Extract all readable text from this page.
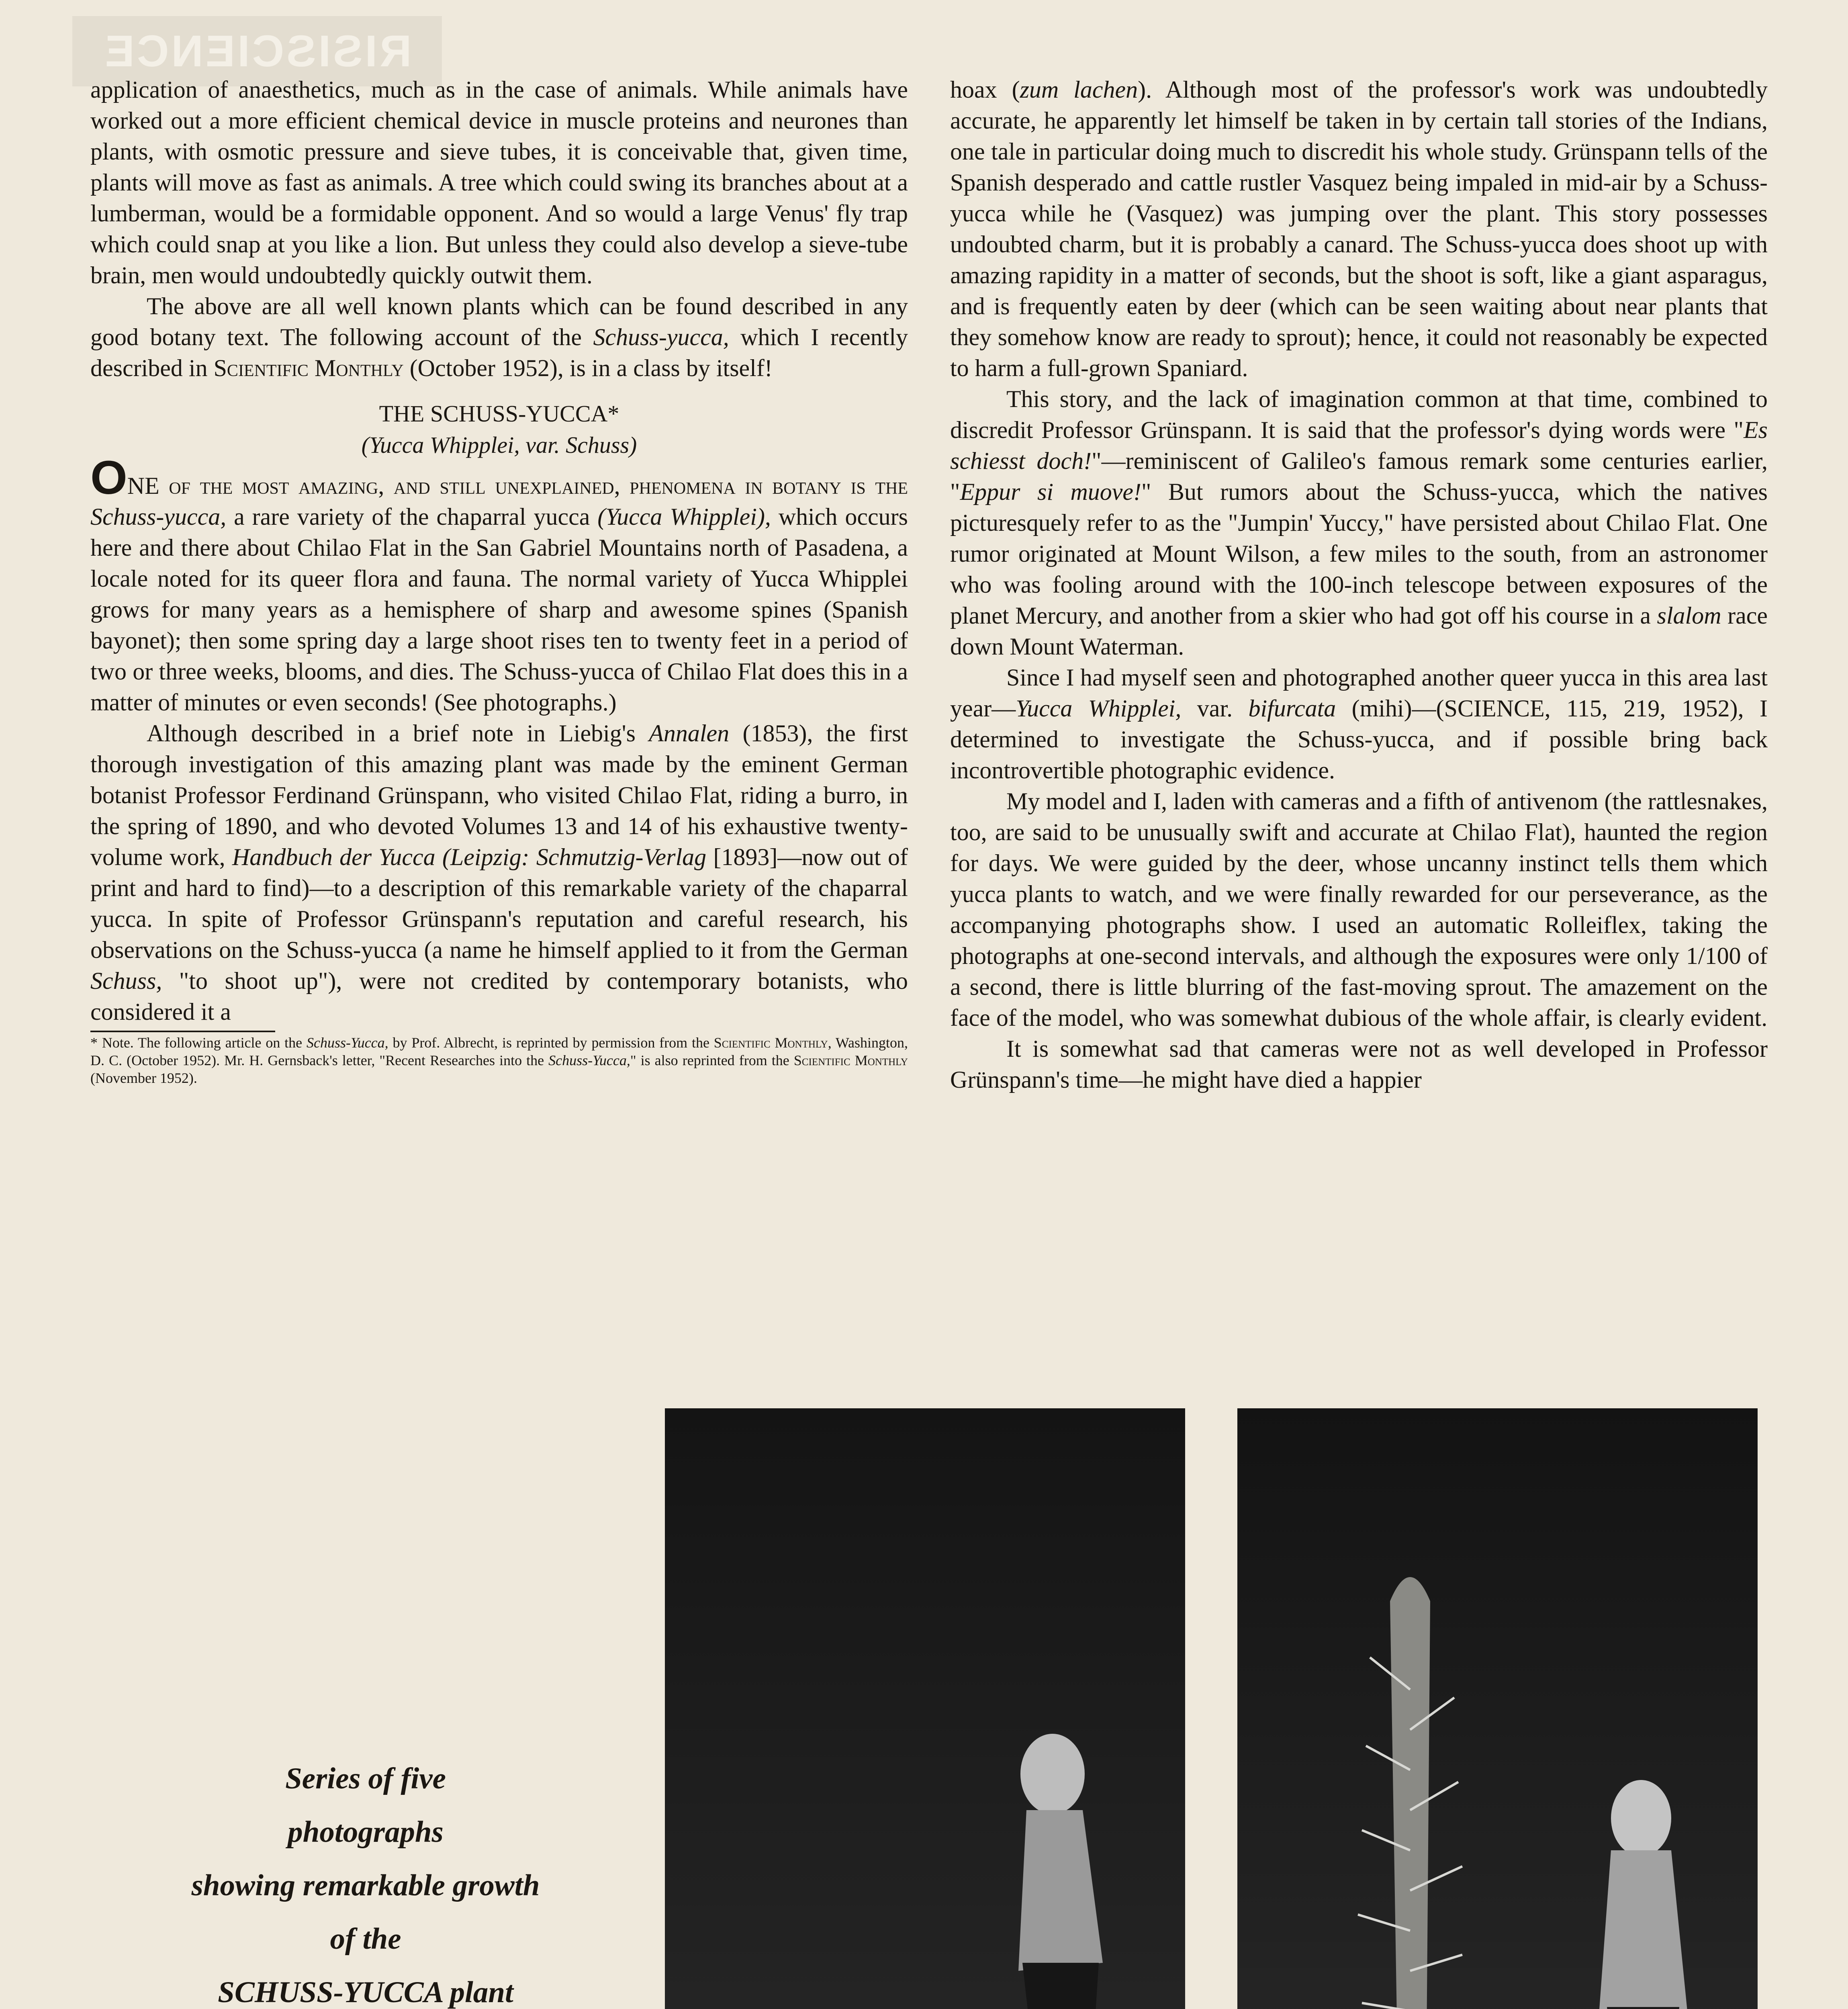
RISISCIENCE

application of anaesthetics, much as in the case of animals. While animals have worked out a more efficient chemical device in muscle proteins and neurones than plants, with osmotic pressure and sieve tubes, it is conceivable that, given time, plants will move as fast as animals. A tree which could swing its branches about at a lumberman, would be a formidable opponent. And so would a large Venus' fly trap which could snap at you like a lion. But unless they could also develop a sieve-tube brain, men would undoubtedly quickly outwit them.

The above are all well known plants which can be found described in any good botany text. The following account of the Schuss-yucca, which I recently described in Scientific Monthly (October 1952), is in a class by itself!

THE SCHUSS-YUCCA*
(Yucca Whipplei, var. Schuss)

ONE of the most amazing, and still unexplained, phenomena in botany is the Schuss-yucca, a rare variety of the chaparral yucca (Yucca Whipplei), which occurs here and there about Chilao Flat in the San Gabriel Mountains north of Pasadena, a locale noted for its queer flora and fauna. The normal variety of Yucca Whipplei grows for many years as a hemisphere of sharp and awesome spines (Spanish bayonet); then some spring day a large shoot rises ten to twenty feet in a period of two or three weeks, blooms, and dies. The Schuss-yucca of Chilao Flat does this in a matter of minutes or even seconds! (See photographs.)

Although described in a brief note in Liebig's Annalen (1853), the first thorough investigation of this amazing plant was made by the eminent German botanist Professor Ferdinand Grünspann, who visited Chilao Flat, riding a burro, in the spring of 1890, and who devoted Volumes 13 and 14 of his exhaustive twenty-volume work, Handbuch der Yucca (Leipzig: Schmutzig-Verlag [1893]—now out of print and hard to find)—to a description of this remarkable variety of the chaparral yucca. In spite of Professor Grünspann's reputation and careful research, his observations on the Schuss-yucca (a name he himself applied to it from the German Schuss, "to shoot up"), were not credited by contemporary botanists, who considered it a

* Note. The following article on the Schuss-Yucca, by Prof. Albrecht, is reprinted by permission from the Scientific Monthly, Washington, D. C. (October 1952). Mr. H. Gernsback's letter, "Recent Researches into the Schuss-Yucca," is also reprinted from the Scientific Monthly (November 1952).

hoax (zum lachen). Although most of the professor's work was undoubtedly accurate, he apparently let himself be taken in by certain tall stories of the Indians, one tale in particular doing much to discredit his whole study. Grünspann tells of the Spanish desperado and cattle rustler Vasquez being impaled in mid-air by a Schuss-yucca while he (Vasquez) was jumping over the plant. This story possesses undoubted charm, but it is probably a canard. The Schuss-yucca does shoot up with amazing rapidity in a matter of seconds, but the shoot is soft, like a giant asparagus, and is frequently eaten by deer (which can be seen waiting about near plants that they somehow know are ready to sprout); hence, it could not reasonably be expected to harm a full-grown Spaniard.

This story, and the lack of imagination common at that time, combined to discredit Professor Grünspann. It is said that the professor's dying words were "Es schiesst doch!"—reminiscent of Galileo's famous remark some centuries earlier, "Eppur si muove!" But rumors about the Schuss-yucca, which the natives picturesquely refer to as the "Jumpin' Yuccy," have persisted about Chilao Flat. One rumor originated at Mount Wilson, a few miles to the south, from an astronomer who was fooling around with the 100-inch telescope between exposures of the planet Mercury, and another from a skier who had got off his course in a slalom race down Mount Waterman.

Since I had myself seen and photographed another queer yucca in this area last year—Yucca Whipplei, var. bifurcata (mihi)—(SCIENCE, 115, 219, 1952), I determined to investigate the Schuss-yucca, and if possible bring back incontrovertible photographic evidence.

My model and I, laden with cameras and a fifth of antivenom (the rattlesnakes, too, are said to be unusually swift and accurate at Chilao Flat), haunted the region for days. We were guided by the deer, whose uncanny instinct tells them which yucca plants to watch, and we were finally rewarded for our perseverance, as the accompanying photographs show. I used an automatic Rolleiflex, taking the photographs at one-second intervals, and although the exposures were only 1/100 of a second, there is little blurring of the fast-moving sprout. The amazement on the face of the model, who was somewhat dubious of the whole affair, is clearly evident.

It is somewhat sad that cameras were not as well developed in Professor Grünspann's time—he might have died a happier

Series of five
photographs
showing remarkable growth
of the
SCHUSS-YUCCA plant
